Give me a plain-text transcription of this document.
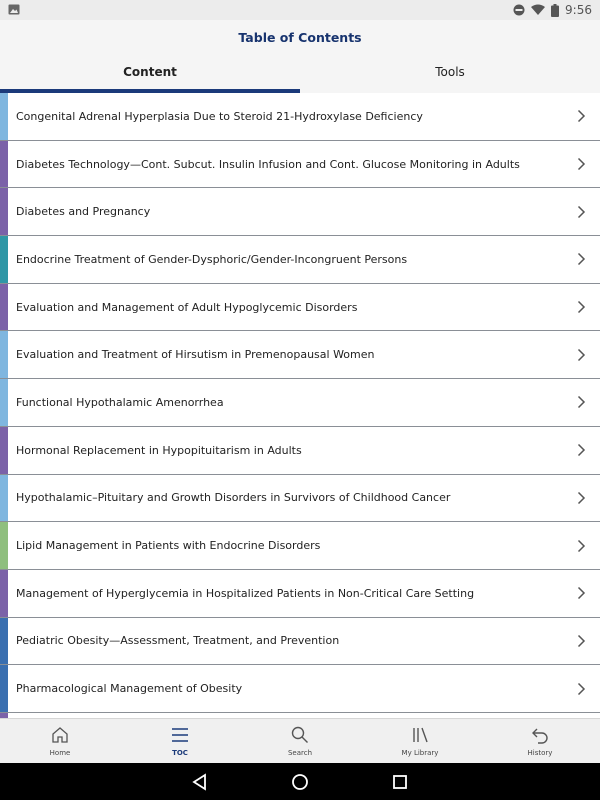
9:56
Table of Contents
Content	Tools
Congenital Adrenal Hyperplasia Due to Steroid 21-Hydroxylase Deficiency
Diabetes Technology—Cont. Subcut. Insulin Infusion and Cont. Glucose Monitoring in Adults
Diabetes and Pregnancy
Endocrine Treatment of Gender-Dysphoric/Gender-Incongruent Persons
Evaluation and Management of Adult Hypoglycemic Disorders
Evaluation and Treatment of Hirsutism in Premenopausal Women
Functional Hypothalamic Amenorrhea
Hormonal Replacement in Hypopituitarism in Adults
Hypothalamic–Pituitary and Growth Disorders in Survivors of Childhood Cancer
Lipid Management in Patients with Endocrine Disorders
Management of Hyperglycemia in Hospitalized Patients in Non-Critical Care Setting
Pediatric Obesity—Assessment, Treatment, and Prevention
Pharmacological Management of Obesity
Home	TOC	Search	My Library	History
